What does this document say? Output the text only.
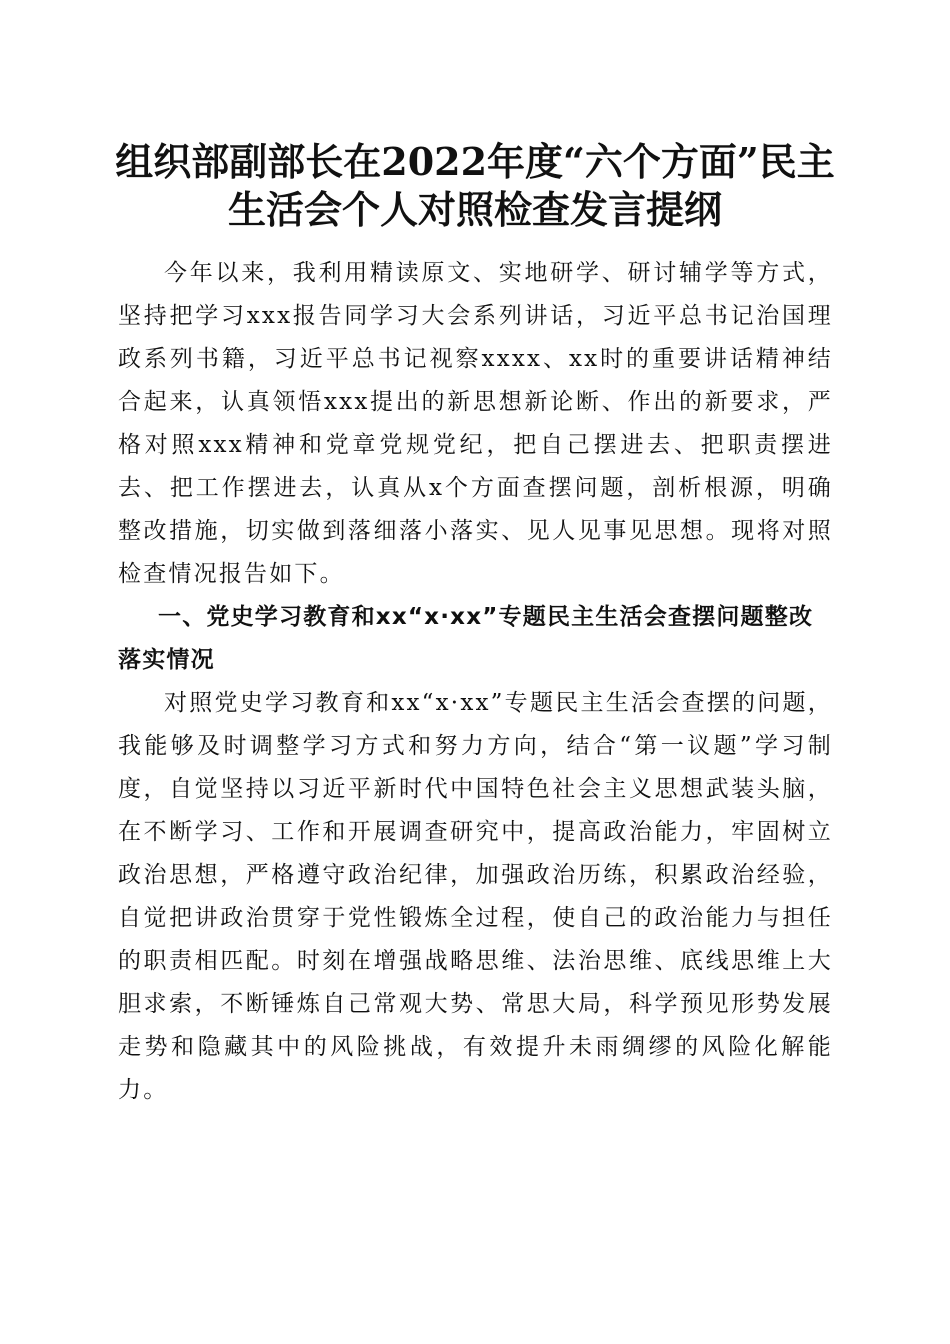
组织部副部长在2022年度“六个方面”民主
生活会个人对照检查发言提纲

今年以来，我利用精读原文、实地研学、研讨辅学等方式，坚持把学习xxx报告同学习大会系列讲话，习近平总书记治国理政系列书籍，习近平总书记视察xxxx、xx时的重要讲话精神结合起来，认真领悟xxx提出的新思想新论断、作出的新要求，严格对照xxx精神和党章党规党纪，把自己摆进去、把职责摆进去、把工作摆进去，认真从x个方面查摆问题，剖析根源，明确整改措施，切实做到落细落小落实、见人见事见思想。现将对照检查情况报告如下。

一、党史学习教育和xx“x·xx”专题民主生活会查摆问题整改落实情况

对照党史学习教育和xx“x·xx”专题民主生活会查摆的问题，我能够及时调整学习方式和努力方向，结合“第一议题”学习制度，自觉坚持以习近平新时代中国特色社会主义思想武装头脑，在不断学习、工作和开展调查研究中，提高政治能力，牢固树立政治思想，严格遵守政治纪律，加强政治历练，积累政治经验，自觉把讲政治贯穿于党性锻炼全过程，使自己的政治能力与担任的职责相匹配。时刻在增强战略思维、法治思维、底线思维上大胆求索，不断锤炼自己常观大势、常思大局，科学预见形势发展走势和隐藏其中的风险挑战，有效提升未雨绸缪的风险化解能力。
